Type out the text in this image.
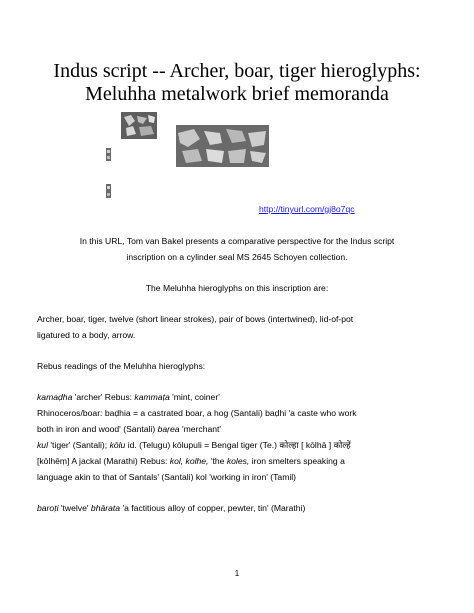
Indus script -- Archer, boar, tiger hieroglyphs:
Meluhha metalwork brief memoranda
http://tinyurl.com/gj8o7qc
In this URL, Tom van Bakel presents a comparative perspective for the Indus script
inscription on a cylinder seal MS 2645 Schoyen collection.
The Meluhha hieroglyphs on this inscription are:
Archer, boar, tiger, twelve (short linear strokes), pair of bows (intertwined), lid-of-pot
ligatured to a body, arrow.
Rebus readings of the Meluhha hieroglyphs:
kamaḍha 'archer' Rebus: kammaṭa 'mint, coiner'
Rhinoceros/boar: baḍhia = a castrated boar, a hog (Santali) baḍhi 'a caste who work
both in iron and wood' (Santali) baṛea 'merchant'
kul 'tiger' (Santali); kōlu id. (Telugu) kōlupuli = Bengal tiger (Te.) कोल्हा [ kōlhā ] कोल्हें
[kōlhēṃ] A jackal (Marathi) Rebus: kol, kolhe, 'the koles, iron smelters speaking a
language akin to that of Santals' (Santali) kol 'working in iron' (Tamil)
baroṭi 'twelve' bhārata 'a factitious alloy of copper, pewter, tin' (Marathi)
1
